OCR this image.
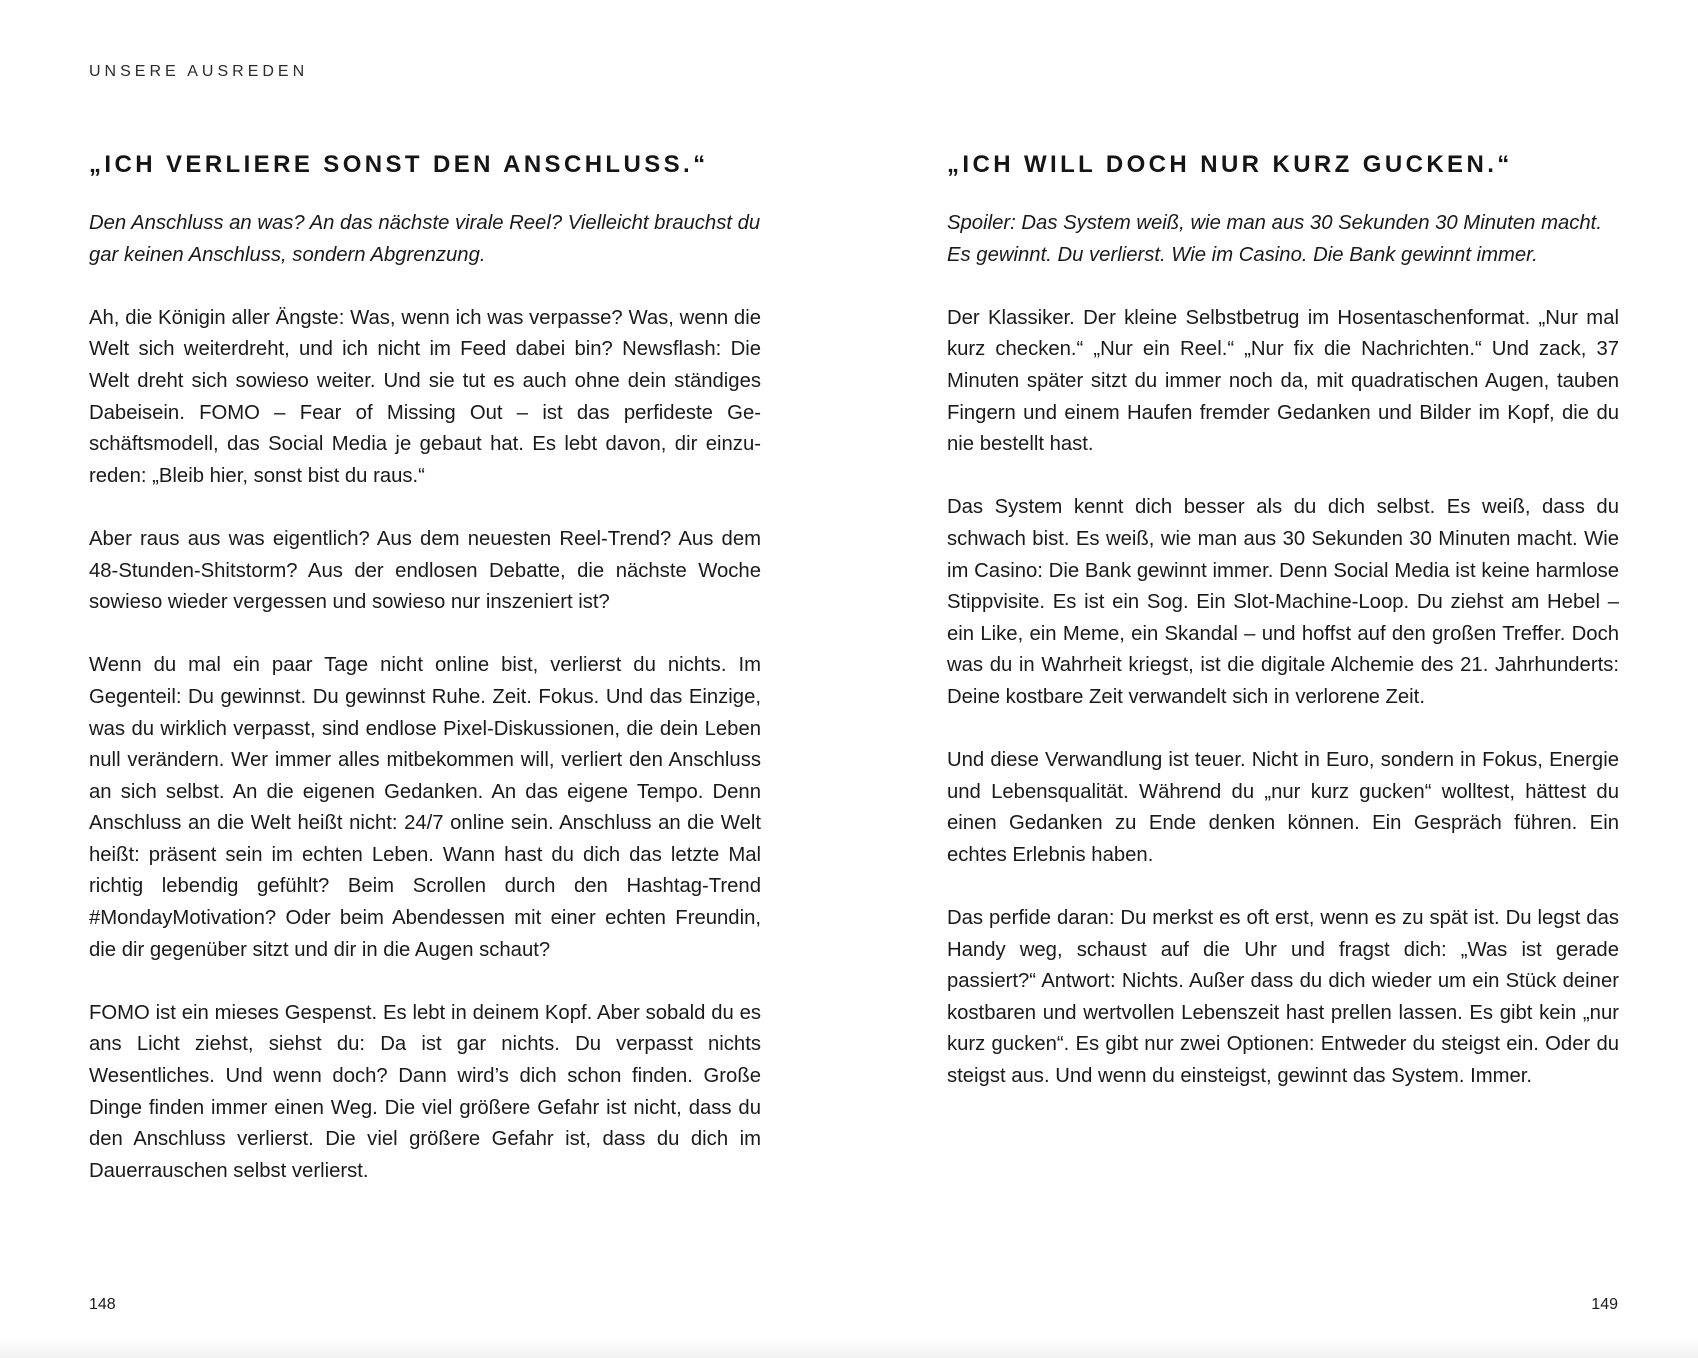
UNSERE AUSREDEN
„ICH VERLIERE SONST DEN ANSCHLUSS.“

Den Anschluss an was? An das nächste virale Reel? Vielleicht brauchst du gar keinen Anschluss, sondern Abgrenzung.

Ah, die Königin aller Ängste: Was, wenn ich was verpasse? Was, wenn die Welt sich weiterdreht, und ich nicht im Feed dabei bin? Newsflash: Die Welt dreht sich sowieso weiter. Und sie tut es auch ohne dein ständiges Dabeisein. FOMO – Fear of Missing Out – ist das perfideste Geschäftsmodell, das Social Media je gebaut hat. Es lebt davon, dir einzureden: „Bleib hier, sonst bist du raus.“

Aber raus aus was eigentlich? Aus dem neuesten Reel-Trend? Aus dem 48-Stunden-Shitstorm? Aus der endlosen Debatte, die nächste Woche sowieso wieder vergessen und sowieso nur inszeniert ist?

Wenn du mal ein paar Tage nicht online bist, verlierst du nichts. Im Gegenteil: Du gewinnst. Du gewinnst Ruhe. Zeit. Fokus. Und das Einzige, was du wirklich verpasst, sind endlose Pixel-Diskussionen, die dein Leben null verändern. Wer immer alles mitbekommen will, verliert den Anschluss an sich selbst. An die eigenen Gedanken. An das eigene Tempo. Denn Anschluss an die Welt heißt nicht: 24/7 online sein. Anschluss an die Welt heißt: präsent sein im echten Leben. Wann hast du dich das letzte Mal richtig lebendig gefühlt? Beim Scrollen durch den Hashtag-Trend #MondayMotivation? Oder beim Abendessen mit einer echten Freundin, die dir gegenüber sitzt und dir in die Augen schaut?

FOMO ist ein mieses Gespenst. Es lebt in deinem Kopf. Aber sobald du es ans Licht ziehst, siehst du: Da ist gar nichts. Du verpasst nichts Wesentliches. Und wenn doch? Dann wird’s dich schon finden. Große Dinge finden immer einen Weg. Die viel größere Gefahr ist nicht, dass du den Anschluss verlierst. Die viel größere Gefahr ist, dass du dich im Dauerrauschen selbst verlierst.

„ICH WILL DOCH NUR KURZ GUCKEN.“

Spoiler: Das System weiß, wie man aus 30 Sekunden 30 Minuten macht. Es gewinnt. Du verlierst. Wie im Casino. Die Bank gewinnt immer.

Der Klassiker. Der kleine Selbstbetrug im Hosentaschenformat. „Nur mal kurz checken.“ „Nur ein Reel.“ „Nur fix die Nachrichten.“ Und zack, 37 Minuten später sitzt du immer noch da, mit quadratischen Augen, tauben Fingern und einem Haufen fremder Gedanken und Bilder im Kopf, die du nie bestellt hast.

Das System kennt dich besser als du dich selbst. Es weiß, dass du schwach bist. Es weiß, wie man aus 30 Sekunden 30 Minuten macht. Wie im Casino: Die Bank gewinnt immer. Denn Social Media ist keine harmlose Stippvisite. Es ist ein Sog. Ein Slot-Machine-Loop. Du ziehst am Hebel – ein Like, ein Meme, ein Skandal – und hoffst auf den großen Treffer. Doch was du in Wahrheit kriegst, ist die digitale Alchemie des 21. Jahrhunderts: Deine kostbare Zeit verwandelt sich in verlorene Zeit.

Und diese Verwandlung ist teuer. Nicht in Euro, sondern in Fokus, Energie und Lebensqualität. Während du „nur kurz gucken“ wolltest, hättest du einen Gedanken zu Ende denken können. Ein Gespräch führen. Ein echtes Erlebnis haben.

Das perfide daran: Du merkst es oft erst, wenn es zu spät ist. Du legst das Handy weg, schaust auf die Uhr und fragst dich: „Was ist gerade passiert?“ Antwort: Nichts. Außer dass du dich wieder um ein Stück deiner kostbaren und wertvollen Lebenszeit hast prellen lassen. Es gibt kein „nur kurz gucken“. Es gibt nur zwei Optionen: Entweder du steigst ein. Oder du steigst aus. Und wenn du einsteigst, gewinnt das System. Immer.

148	149
